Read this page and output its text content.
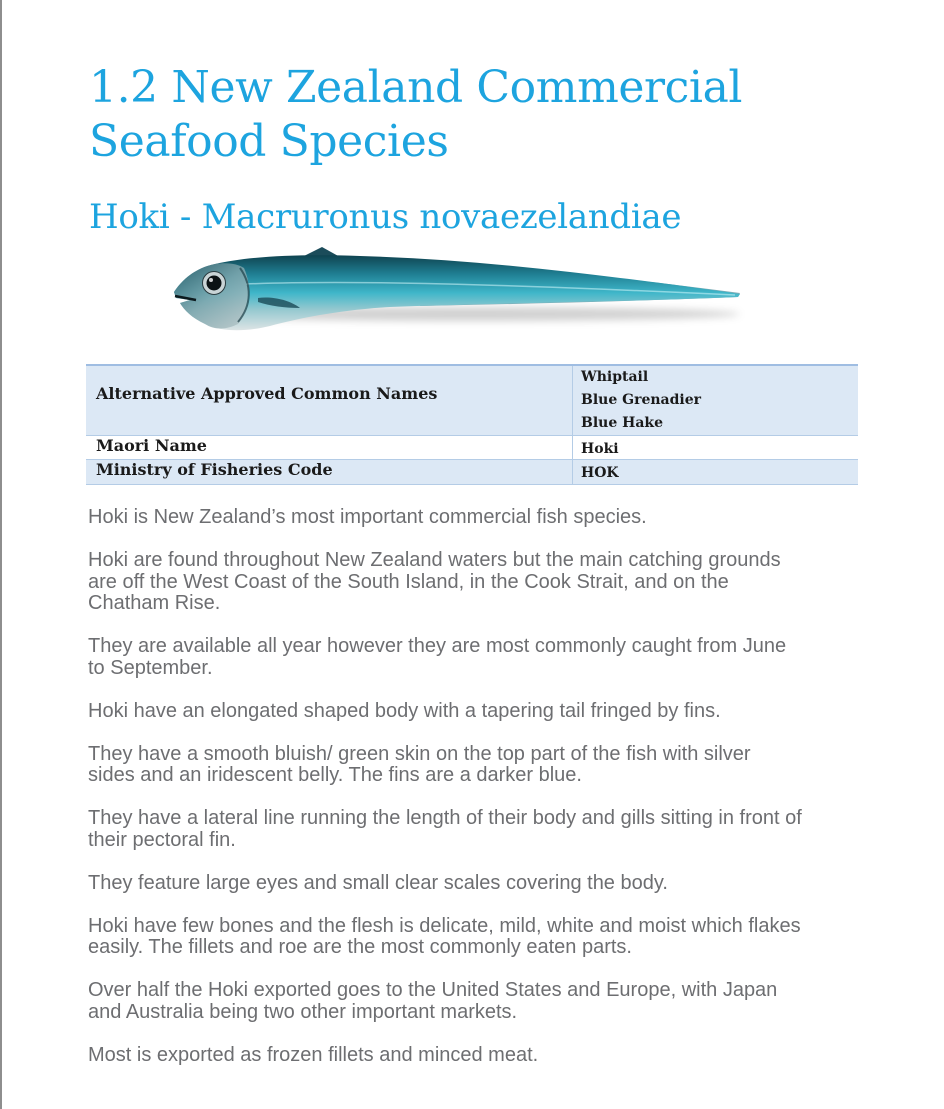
1.2 New Zealand Commercial
Seafood Species
Hoki - Macruronus novaezelandiae
Alternative Approved Common Names
Whiptail
Blue Grenadier
Blue Hake
Maori Name	Hoki
Ministry of Fisheries Code	HOK

Hoki is New Zealand’s most important commercial fish species.

Hoki are found throughout New Zealand waters but the main catching grounds
are off the West Coast of the South Island, in the Cook Strait, and on the
Chatham Rise.

They are available all year however they are most commonly caught from June
to September.

Hoki have an elongated shaped body with a tapering tail fringed by fins.

They have a smooth bluish/ green skin on the top part of the fish with silver
sides and an iridescent belly. The fins are a darker blue.

They have a lateral line running the length of their body and gills sitting in front of
their pectoral fin.

They feature large eyes and small clear scales covering the body.

Hoki have few bones and the flesh is delicate, mild, white and moist which flakes
easily. The fillets and roe are the most commonly eaten parts.

Over half the Hoki exported goes to the United States and Europe, with Japan
and Australia being two other important markets.

Most is exported as frozen fillets and minced meat.
